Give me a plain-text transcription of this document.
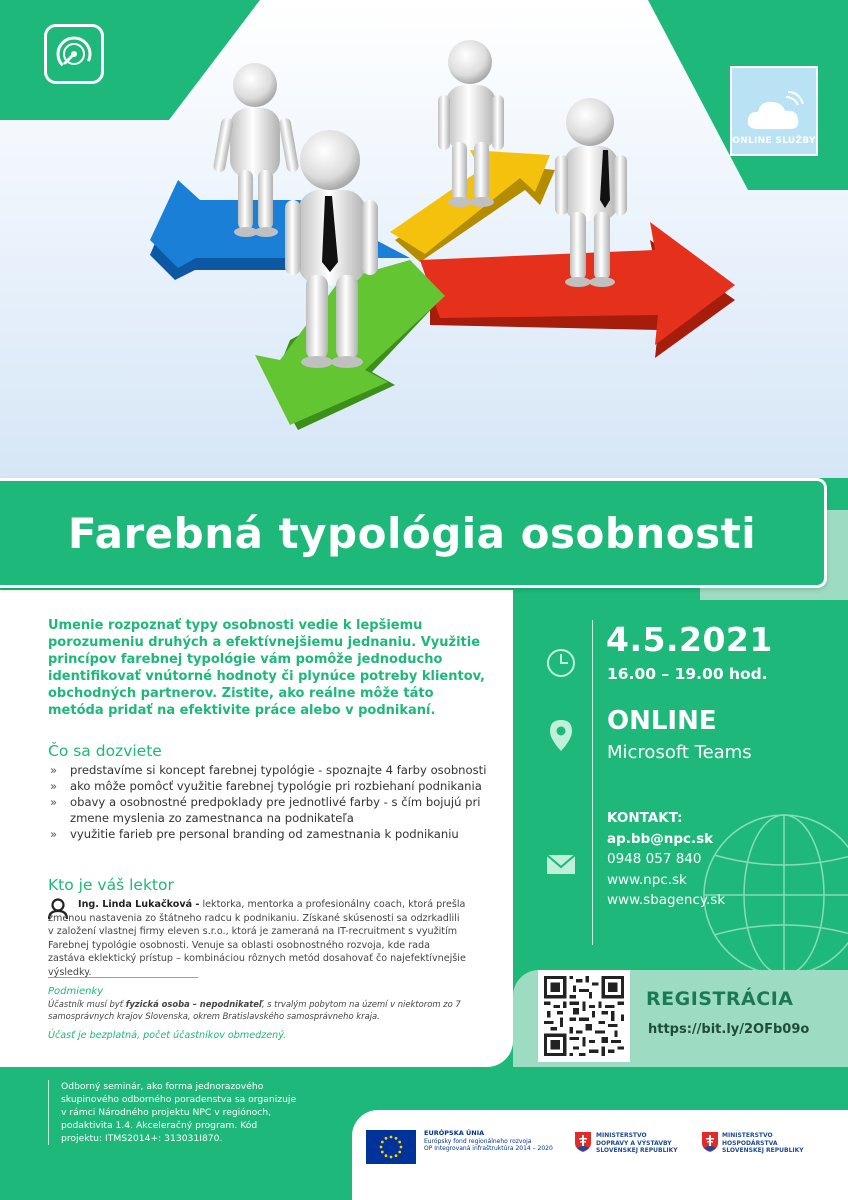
ONLINE SLUŽBY
Farebná typológia osobnosti

Umenie rozpoznať typy osobnosti vedie k lepšiemu porozumeniu druhých a efektívnejšiemu jednaniu. Využitie princípov farebnej typológie vám pomôže jednoducho identifikovať vnútorné hodnoty či plynúce potreby klientov, obchodných partnerov. Zistite, ako reálne môže táto metóda pridať na efektivite práce alebo v podnikaní.

Čo sa dozviete
» predstavíme si koncept farebnej typológie - spoznajte 4 farby osobnosti
» ako môže pomôcť využitie farebnej typológie pri rozbiehaní podnikania
» obavy a osobnostné predpoklady pre jednotlivé farby - s čím bojujú pri zmene myslenia zo zamestnanca na podnikateľa
» využitie farieb pre personal branding od zamestnania k podnikaniu
Kto je váš lektor

Ing. Linda Lukačková - lektorka, mentorka a profesionálny coach, ktorá prešla zmenou nastavenia zo štátneho radcu k podnikaniu. Získané skúsenosti sa odzrkadlili v založení vlastnej firmy eleven s.r.o., ktorá je zameraná na IT-recruitment s využitím Farebnej typológie osobnosti. Venuje sa oblasti osobnostného rozvoja, kde rada zastáva eklektický prístup – kombináciou rôznych metód dosahovať čo najefektívnejšie výsledky.

Podmienky

Účastník musí byť fyzická osoba – nepodnikateľ, s trvalým pobytom na území v niektorom zo 7 samosprávnych krajov Slovenska, okrem Bratislavského samosprávneho kraja.

Účasť je bezplatná, počet účastníkov obmedzený.
4.5.2021
16.00 – 19.00 hod.
ONLINE
Microsoft Teams
KONTAKT:
ap.bb@npc.sk
0948 057 840
www.npc.sk
www.sbagency.sk
REGISTRÁCIA
https://bit.ly/2OFb09o

Odborný seminár, ako forma jednorazového skupinového odborného poradenstva sa organizuje v rámci Národného projektu NPC v regiónoch, podaktivita 1.4. Akceleračný program. Kód projektu: ITMS2014+: 313031I870.	EURÓPSKA ÚNIA
Európsky fond regionálneho rozvoja
OP Integrovaná infraštruktúra 2014 – 2020
MINISTERSTVO
DOPRAVY A VÝSTAVBY
SLOVENSKEJ REPUBLIKY
MINISTERSTVO
HOSPODÁRSTVA
SLOVENSKEJ REPUBLIKY
